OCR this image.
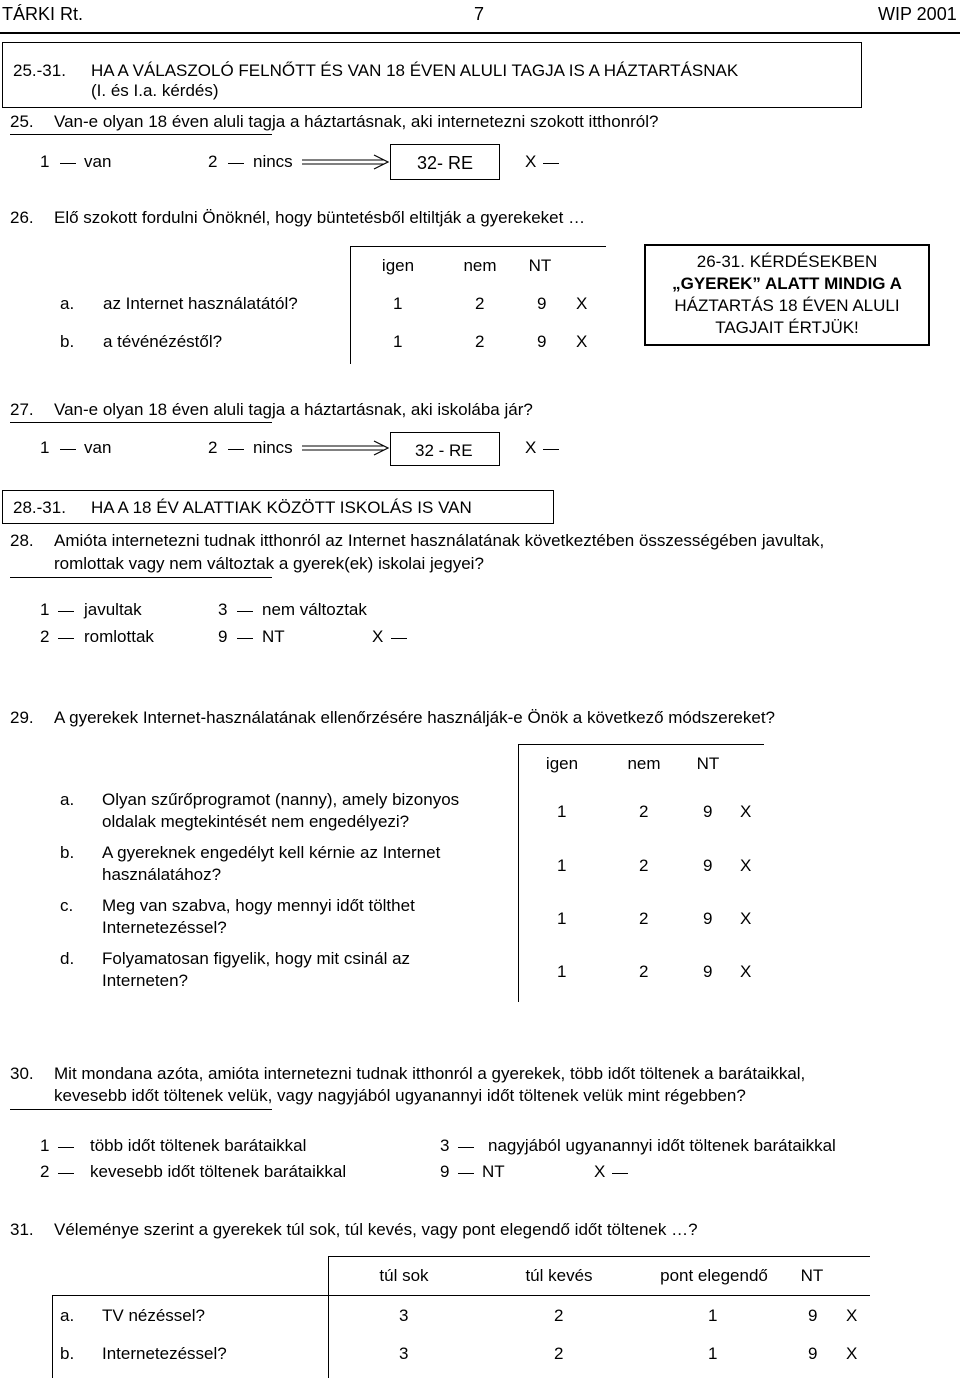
TÁRKI Rt.	7	WIP 2001
25.-31. HA A VÁLASZOLÓ FELNŐTT ÉS VAN 18 ÉVEN ALULI TAGJA IS A HÁZTARTÁSNAK
(I. és I.a. kérdés)
25. Van-e olyan 18 éven aluli tagja a háztartásnak, aki internetezni szokott itthonról?
1 van	2 nincs	32- RE	X
26. Elő szokott fordulni Önöknél, hogy büntetésből eltiltják a gyerekeket …
igen	nem	NT
a. az Internet használatától?	1	2	9 X
b. a tévénézéstől?	1	2	9 X
26-31. KÉRDÉSEKBEN
„GYEREK” ALATT MINDIG A
HÁZTARTÁS 18 ÉVEN ALULI
TAGJAIT ÉRTJÜK!
27. Van-e olyan 18 éven aluli tagja a háztartásnak, aki iskolába jár?
1 van	2 nincs	32 - RE	X
28.-31. HA A 18 ÉV ALATTIAK KÖZÖTT ISKOLÁS IS VAN
28. Amióta internetezni tudnak itthonról az Internet használatának következtében összességében javultak,
romlottak vagy nem változtak a gyerek(ek) iskolai jegyei?
1 javultak	3 nem változtak
2 romlottak	9 NT	X
29. A gyerekek Internet-használatának ellenőrzésére használják-e Önök a következő módszereket?
igen	nem	NT
a. Olyan szűrőprogramot (nanny), amely bizonyos
oldalak megtekintését nem engedélyezi?
1	2	9 X
b. A gyereknek engedélyt kell kérnie az Internet
használatához?	1	2	9 X
c. Meg van szabva, hogy mennyi időt tölthet
Internetezéssel?	1	2	9 X
d. Folyamatosan figyelik, hogy mit csinál az
Interneten?	1	2	9 X
30. Mit mondana azóta, amióta internetezni tudnak itthonról a gyerekek, több időt töltenek a barátaikkal,
kevesebb időt töltenek velük, vagy nagyjából ugyanannyi időt töltenek velük mint régebben?
1 több időt töltenek barátaikkal	3 nagyjából ugyanannyi időt töltenek barátaikkal
2 kevesebb időt töltenek barátaikkal	9 NT	X
31. Véleménye szerint a gyerekek túl sok, túl kevés, vagy pont elegendő időt töltenek …?
túl sok	túl kevés	pont elegendő	NT
a. TV nézéssel?	3	2	1	9 X
b. Internetezéssel?	3	2	1	9 X
